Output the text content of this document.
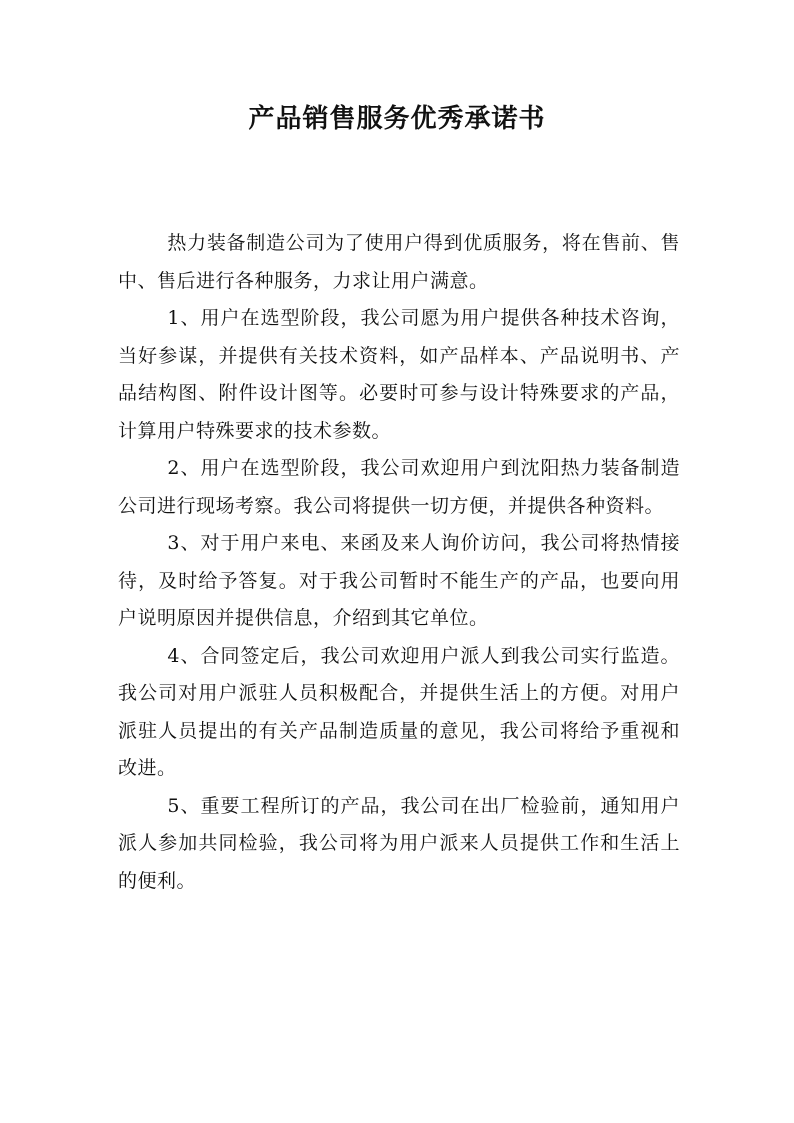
产品销售服务优秀承诺书

热力装备制造公司为了使用户得到优质服务，将在售前、售中、售后进行各种服务，力求让用户满意。

1、用户在选型阶段，我公司愿为用户提供各种技术咨询，当好参谋，并提供有关技术资料，如产品样本、产品说明书、产品结构图、附件设计图等。必要时可参与设计特殊要求的产品，计算用户特殊要求的技术参数。

2、用户在选型阶段，我公司欢迎用户到沈阳热力装备制造公司进行现场考察。我公司将提供一切方便，并提供各种资料。

3、对于用户来电、来函及来人询价访问，我公司将热情接待，及时给予答复。对于我公司暂时不能生产的产品，也要向用户说明原因并提供信息，介绍到其它单位。

4、合同签定后，我公司欢迎用户派人到我公司实行监造。我公司对用户派驻人员积极配合，并提供生活上的方便。对用户派驻人员提出的有关产品制造质量的意见，我公司将给予重视和改进。

5、重要工程所订的产品，我公司在出厂检验前，通知用户派人参加共同检验，我公司将为用户派来人员提供工作和生活上的便利。
